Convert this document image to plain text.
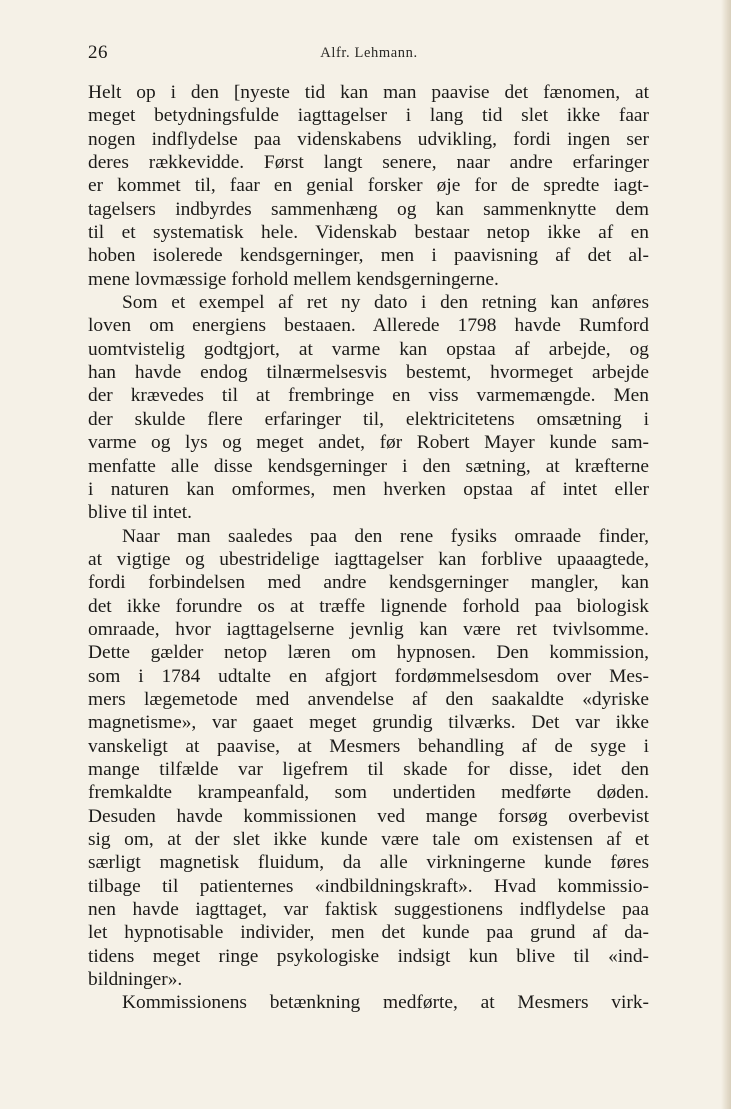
26	Alfr. Lehmann.
Helt op i den [nyeste tid kan man paavise det fænomen, at
meget betydningsfulde iagttagelser i lang tid slet ikke faar
nogen indflydelse paa videnskabens udvikling, fordi ingen ser
deres rækkevidde. Først langt senere, naar andre erfaringer
er kommet til, faar en genial forsker øje for de spredte iagt-
tagelsers indbyrdes sammenhæng og kan sammenknytte dem
til et systematisk hele. Videnskab bestaar netop ikke af en
hoben isolerede kendsgerninger, men i paavisning af det al-
mene lovmæssige forhold mellem kendsgerningerne.
Som et exempel af ret ny dato i den retning kan anføres
loven om energiens bestaaen. Allerede 1798 havde Rumford
uomtvistelig godtgjort, at varme kan opstaa af arbejde, og
han havde endog tilnærmelsesvis bestemt, hvormeget arbejde
der krævedes til at frembringe en viss varmemængde. Men
der skulde flere erfaringer til, elektricitetens omsætning i
varme og lys og meget andet, før Robert Mayer kunde sam-
menfatte alle disse kendsgerninger i den sætning, at kræfterne
i naturen kan omformes, men hverken opstaa af intet eller
blive til intet.
Naar man saaledes paa den rene fysiks omraade finder,
at vigtige og ubestridelige iagttagelser kan forblive upaaagtede,
fordi forbindelsen med andre kendsgerninger mangler, kan
det ikke forundre os at træffe lignende forhold paa biologisk
omraade, hvor iagttagelserne jevnlig kan være ret tvivlsomme.
Dette gælder netop læren om hypnosen. Den kommission,
som i 1784 udtalte en afgjort fordømmelsesdom over Mes-
mers lægemetode med anvendelse af den saakaldte «dyriske
magnetisme», var gaaet meget grundig tilværks. Det var ikke
vanskeligt at paavise, at Mesmers behandling af de syge i
mange tilfælde var ligefrem til skade for disse, idet den
fremkaldte krampeanfald, som undertiden medførte døden.
Desuden havde kommissionen ved mange forsøg overbevist
sig om, at der slet ikke kunde være tale om existensen af et
særligt magnetisk fluidum, da alle virkningerne kunde føres
tilbage til patienternes «indbildningskraft». Hvad kommissio-
nen havde iagttaget, var faktisk suggestionens indflydelse paa
let hypnotisable individer, men det kunde paa grund af da-
tidens meget ringe psykologiske indsigt kun blive til «ind-
bildninger».
Kommissionens betænkning medførte, at Mesmers virk-
